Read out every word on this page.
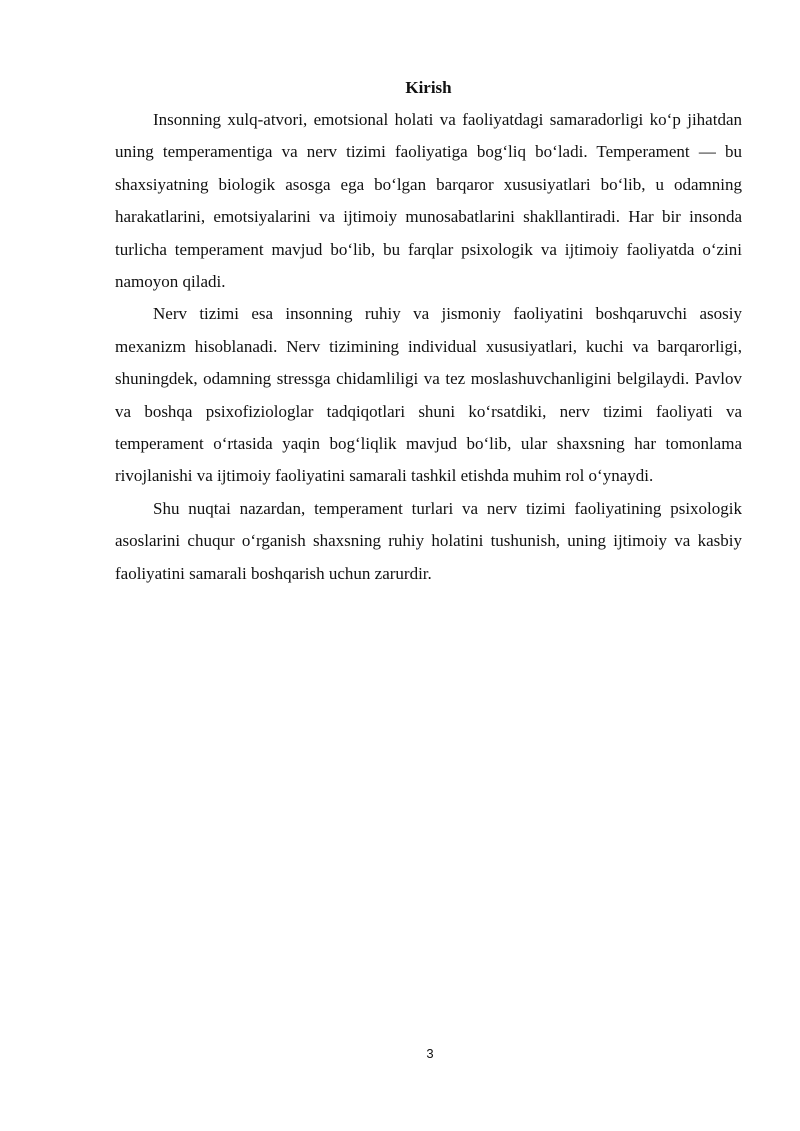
Kirish

Insonning xulq-atvori, emotsional holati va faoliyatdagi samaradorligi ko‘p jihatdan uning temperamentiga va nerv tizimi faoliyatiga bog‘liq bo‘ladi. Temperament — bu shaxsiyatning biologik asosga ega bo‘lgan barqaror xususiyatlari bo‘lib, u odamning harakatlarini, emotsiyalarini va ijtimoiy munosabatlarini shakllantiradi. Har bir insonda turlicha temperament mavjud bo‘lib, bu farqlar psixologik va ijtimoiy faoliyatda o‘zini namoyon qiladi.

Nerv tizimi esa insonning ruhiy va jismoniy faoliyatini boshqaruvchi asosiy mexanizm hisoblanadi. Nerv tizimining individual xususiyatlari, kuchi va barqarorligi, shuningdek, odamning stressga chidamliligi va tez moslashuvchanligini belgilaydi. Pavlov va boshqa psixofiziologlar tadqiqotlari shuni ko‘rsatdiki, nerv tizimi faoliyati va temperament o‘rtasida yaqin bog‘liqlik mavjud bo‘lib, ular shaxsning har tomonlama rivojlanishi va ijtimoiy faoliyatini samarali tashkil etishda muhim rol o‘ynaydi.

Shu nuqtai nazardan, temperament turlari va nerv tizimi faoliyatining psixologik asoslarini chuqur o‘rganish shaxsning ruhiy holatini tushunish, uning ijtimoiy va kasbiy faoliyatini samarali boshqarish uchun zarurdir.

3
